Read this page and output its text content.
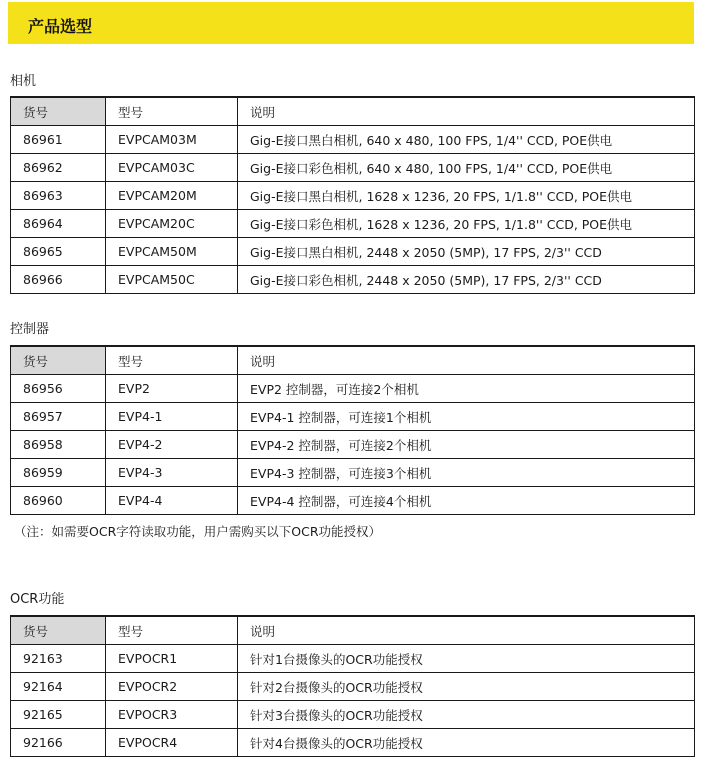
产品选型
相机
货号	型号	说明
86961	EVPCAM03M	Gig-E接口黑白相机, 640 x 480, 100 FPS, 1/4'' CCD, POE供电
86962	EVPCAM03C	Gig-E接口彩色相机, 640 x 480, 100 FPS, 1/4'' CCD, POE供电
86963	EVPCAM20M	Gig-E接口黑白相机, 1628 x 1236, 20 FPS, 1/1.8'' CCD, POE供电
86964	EVPCAM20C	Gig-E接口彩色相机, 1628 x 1236, 20 FPS, 1/1.8'' CCD, POE供电
86965	EVPCAM50M	Gig-E接口黑白相机, 2448 x 2050 (5MP), 17 FPS, 2/3'' CCD
86966	EVPCAM50C	Gig-E接口彩色相机, 2448 x 2050 (5MP), 17 FPS, 2/3'' CCD
控制器
货号	型号	说明
86956	EVP2	EVP2 控制器，可连接2个相机
86957	EVP4-1	EVP4-1 控制器，可连接1个相机
86958	EVP4-2	EVP4-2 控制器，可连接2个相机
86959	EVP4-3	EVP4-3 控制器，可连接3个相机
86960	EVP4-4	EVP4-4 控制器，可连接4个相机
（注：如需要OCR字符读取功能，用户需购买以下OCR功能授权）
OCR功能
货号	型号	说明
92163	EVPOCR1	针对1台摄像头的OCR功能授权
92164	EVPOCR2	针对2台摄像头的OCR功能授权
92165	EVPOCR3	针对3台摄像头的OCR功能授权
92166	EVPOCR4	针对4台摄像头的OCR功能授权
